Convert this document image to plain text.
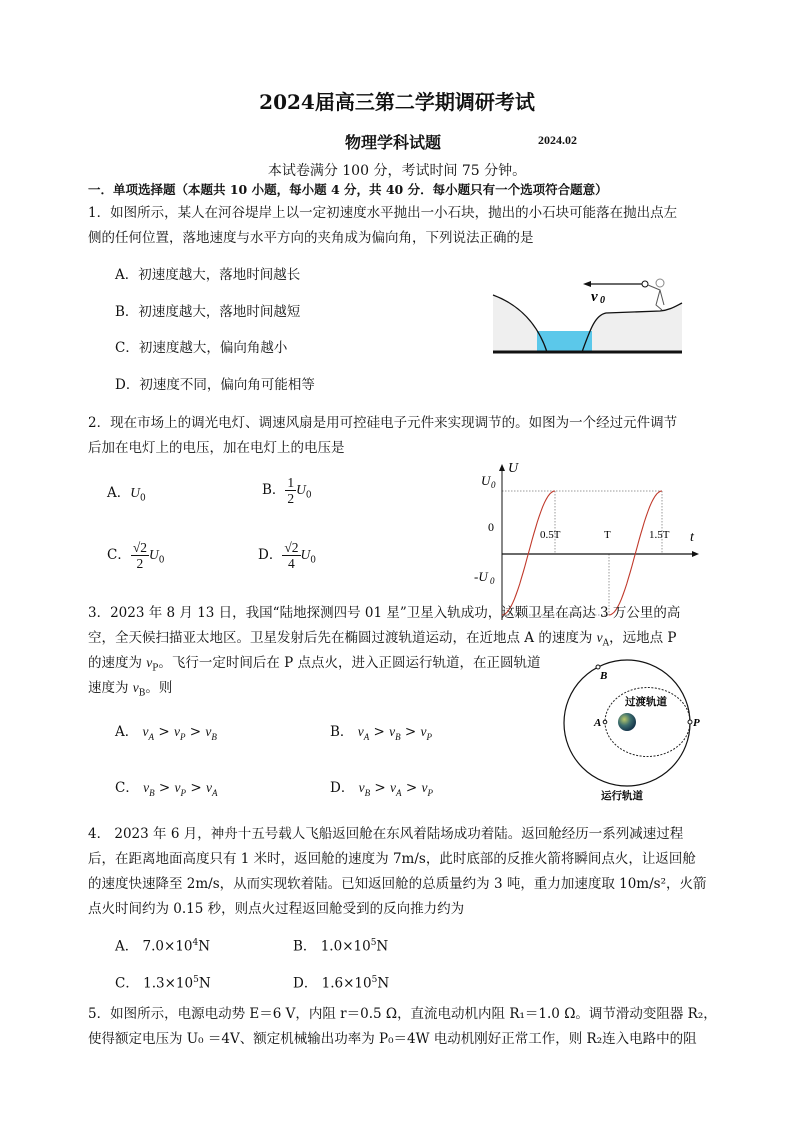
2024届高三第二学期调研考试
物理学科试题	2024.02
本试卷满分 100 分，考试时间 75 分钟。
一．单项选择题（本题共 10 小题，每小题 4 分，共 40 分．每小题只有一个选项符合题意）
1．如图所示，某人在河谷堤岸上以一定初速度水平抛出一小石块，抛出的小石块可能落在抛出点左
侧的任何位置，落地速度与水平方向的夹角成为偏向角，下列说法正确的是
A．初速度越大，落地时间越长
B．初速度越大，落地时间越短
C．初速度越大，偏向角越小
D．初速度不同，偏向角可能相等
v 0
2．现在市场上的调光电灯、调速风扇是用可控硅电子元件来实现调节的。如图为一个经过元件调节
后加在电灯上的电压，加在电灯上的电压是
A．$U_0$
B． $\frac{1}{2} U_0$
C． $\frac{√2}{2} U_0$	D． $\frac{√2}{4} U_0$
U
U 0
0
0.5T	T	1.5T t
-U 0
3．2023 年 8 月 13 日，我国“陆地探测四号 01 星”卫星入轨成功，这颗卫星在高达 3 万公里的高
空，全天候扫描亚太地区。卫星发射后先在椭圆过渡轨道运动，在近地点 A 的速度为 $v_A$，远地点 P
的速度为 $v_P$。飞行一定时间后在 P 点点火，进入正圆运行轨道，在正圆轨道
速度为 $v_B$。则
A． $v_A > v_P > v_B$	B． $v_A > v_B > v_P$
C． $v_B > v_P > v_A$	D． $v_B > v_A > v_P$
B
A	P
过渡轨道
运行轨道
4． 2023 年 6 月，神舟十五号载人飞船返回舱在东风着陆场成功着陆。返回舱经历一系列减速过程
后，在距离地面高度只有 1 米时，返回舱的速度为 7m/s，此时底部的反推火箭将瞬间点火，让返回舱
的速度快速降至 2m/s，从而实现软着陆。已知返回舱的总质量约为 3 吨，重力加速度取 10m/s²，火箭
点火时间约为 0.15 秒，则点火过程返回舱受到的反向推力约为
A． $7.0\times 10^4N$	B． $1.0\times 10^5N$
C． $1.3\times 10^5N$	D． $1.6\times 10^5N$
5．如图所示，电源电动势 E＝6 V，内阻 r＝0.5 Ω，直流电动机内阻 R₁＝1.0 Ω。调节滑动变阻器 R₂，
使得额定电压为 U₀ ＝4V、额定机械输出功率为 P₀＝4W 电动机刚好正常工作，则 R₂连入电路中的阻
